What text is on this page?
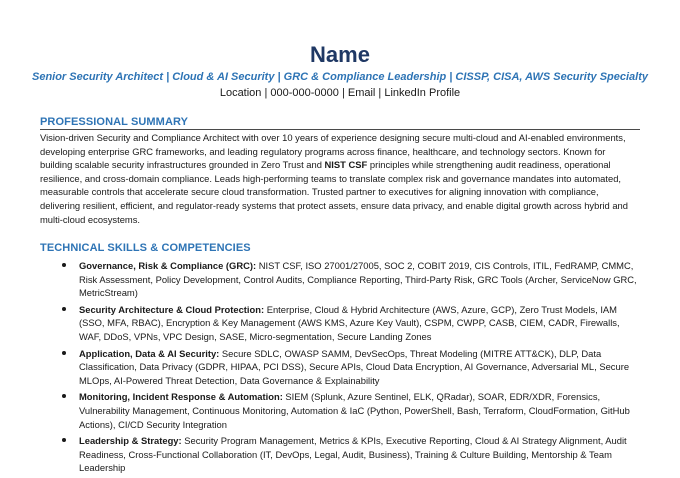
Name
Senior Security Architect | Cloud & AI Security | GRC & Compliance Leadership | CISSP, CISA, AWS Security Specialty
Location | 000-000-0000 | Email | LinkedIn Profile
PROFESSIONAL SUMMARY

Vision-driven Security and Compliance Architect with over 10 years of experience designing secure multi-cloud and AI-enabled environments, developing enterprise GRC frameworks, and leading regulatory programs across finance, healthcare, and technology sectors. Known for building scalable security infrastructures grounded in Zero Trust and NIST CSF principles while strengthening audit readiness, operational resilience, and cross-domain compliance. Leads high-performing teams to translate complex risk and governance mandates into automated, measurable controls that accelerate secure cloud transformation. Trusted partner to executives for aligning innovation with compliance, delivering resilient, efficient, and regulator-ready systems that protect assets, ensure data privacy, and enable digital growth across hybrid and multi-cloud ecosystems.

TECHNICAL SKILLS & COMPETENCIES
Governance, Risk & Compliance (GRC): NIST CSF, ISO 27001/27005, SOC 2, COBIT 2019, CIS Controls, ITIL, FedRAMP, CMMC, Risk Assessment, Policy Development, Control Audits, Compliance Reporting, Third-Party Risk, GRC Tools (Archer, ServiceNow GRC, MetricStream)
Security Architecture & Cloud Protection: Enterprise, Cloud & Hybrid Architecture (AWS, Azure, GCP), Zero Trust Models, IAM (SSO, MFA, RBAC), Encryption & Key Management (AWS KMS, Azure Key Vault), CSPM, CWPP, CASB, CIEM, CADR, Firewalls, WAF, DDoS, VPNs, VPC Design, SASE, Micro-segmentation, Secure Landing Zones
Application, Data & AI Security: Secure SDLC, OWASP SAMM, DevSecOps, Threat Modeling (MITRE ATT&CK), DLP, Data Classification, Data Privacy (GDPR, HIPAA, PCI DSS), Secure APIs, Cloud Data Encryption, AI Governance, Adversarial ML, Secure MLOps, AI-Powered Threat Detection, Data Governance & Explainability
Monitoring, Incident Response & Automation: SIEM (Splunk, Azure Sentinel, ELK, QRadar), SOAR, EDR/XDR, Forensics, Vulnerability Management, Continuous Monitoring, Automation & IaC (Python, PowerShell, Bash, Terraform, CloudFormation, GitHub Actions), CI/CD Security Integration
Leadership & Strategy: Security Program Management, Metrics & KPIs, Executive Reporting, Cloud & AI Strategy Alignment, Audit Readiness, Cross-Functional Collaboration (IT, DevOps, Legal, Audit, Business), Training & Culture Building, Mentorship & Team Leadership
